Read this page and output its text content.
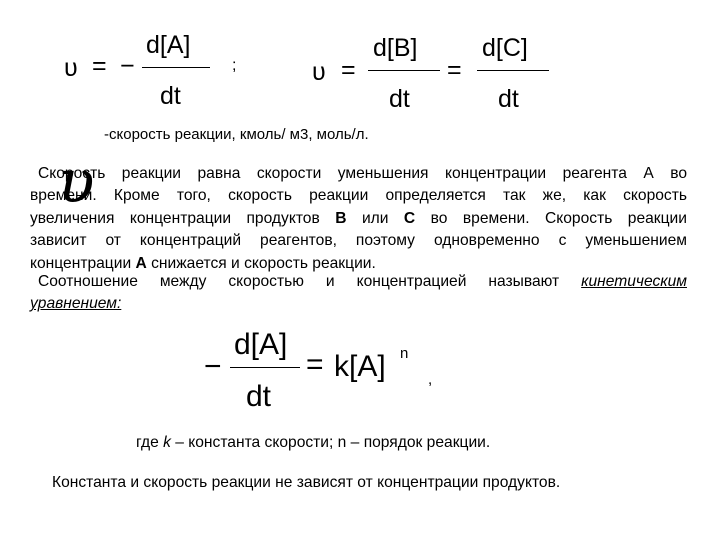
υ = −
d[A]
dt
;	υ =
d[B]
dt
=
d[C]
dt
-скорость реакции, кмоль/ м3, моль/л.
υ
Скорость реакции равна скорости уменьшения концентрации реагента А во
времени. Кроме того, скорость реакции определяется так же, как скорость
увеличения концентрации продуктов B или C во времени. Скорость реакции
зависит от концентраций реагентов, поэтому одновременно с уменьшением
концентрации А снижается и скорость реакции.
Соотношение между скоростью и концентрацией называют кинетическим
уравнением:
−
d[A]
dt
= k[A] n
,
где k – константа скорости; n – порядок реакции.
Константа и скорость реакции не зависят от концентрации продуктов.
